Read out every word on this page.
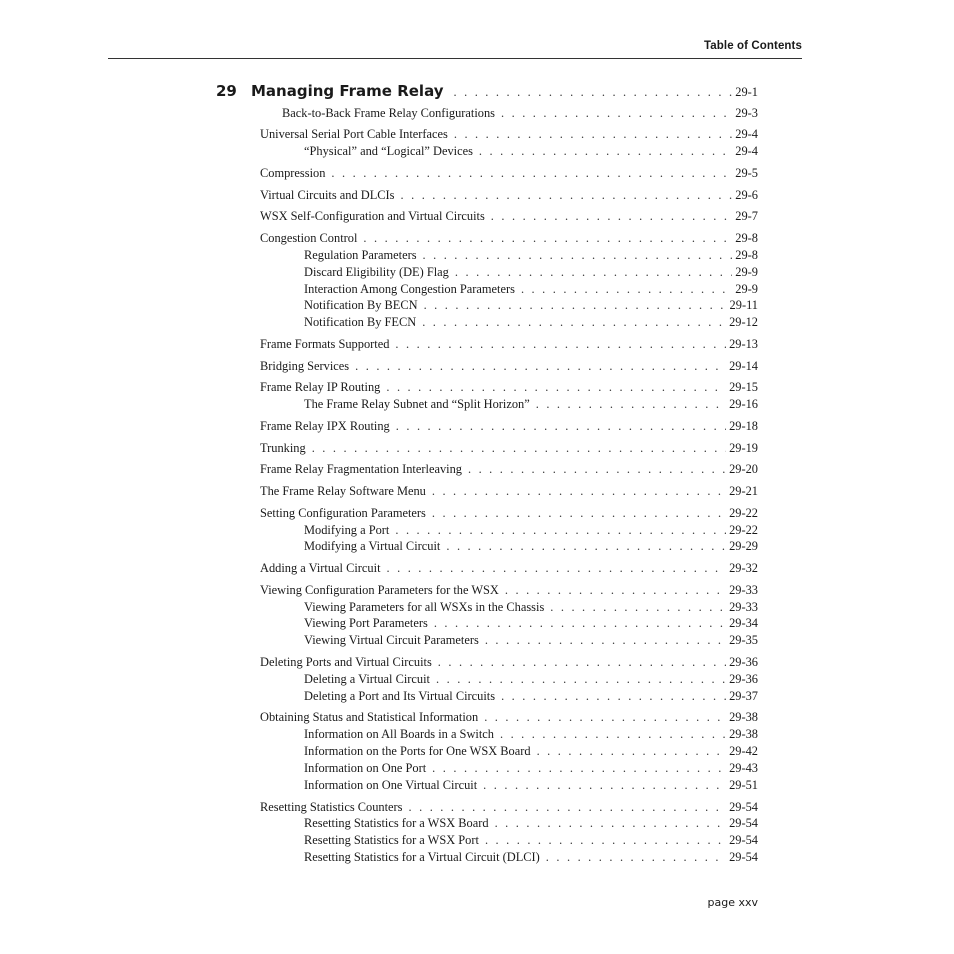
Table of Contents
29 Managing Frame Relay . . .	29-1
Back-to-Back Frame Relay Configurations . . .	29-3
Universal Serial Port Cable Interfaces . . .	29-4
“Physical” and “Logical” Devices . . .	29-4
Compression . . .	29-5
Virtual Circuits and DLCIs . . .	29-6
WSX Self-Configuration and Virtual Circuits . . .	29-7
Congestion Control . . .	29-8
Regulation Parameters . . .	29-8
Discard Eligibility (DE) Flag . . .	29-9
Interaction Among Congestion Parameters . . .	29-9
Notification By BECN . . .	29-11
Notification By FECN . . .	29-12
Frame Formats Supported . . .	29-13
Bridging Services . . .	29-14
Frame Relay IP Routing . . .	29-15
The Frame Relay Subnet and “Split Horizon” . . .	29-16
Frame Relay IPX Routing . . .	29-18
Trunking . . .	29-19
Frame Relay Fragmentation Interleaving . . .	29-20
The Frame Relay Software Menu . . .	29-21
Setting Configuration Parameters . . .	29-22
Modifying a Port . . .	29-22
Modifying a Virtual Circuit . . .	29-29
Adding a Virtual Circuit . . .	29-32
Viewing Configuration Parameters for the WSX . . .	29-33
Viewing Parameters for all WSXs in the Chassis . . .	29-33
Viewing Port Parameters . . .	29-34
Viewing Virtual Circuit Parameters . . .	29-35
Deleting Ports and Virtual Circuits . . .	29-36
Deleting a Virtual Circuit . . .	29-36
Deleting a Port and Its Virtual Circuits . . .	29-37
Obtaining Status and Statistical Information . . .	29-38
Information on All Boards in a Switch . . .	29-38
Information on the Ports for One WSX Board . . .	29-42
Information on One Port . . .	29-43
Information on One Virtual Circuit . . .	29-51
Resetting Statistics Counters . . .	29-54
Resetting Statistics for a WSX Board . . .	29-54
Resetting Statistics for a WSX Port . . .	29-54
Resetting Statistics for a Virtual Circuit (DLCI) . . .	29-54
page xxv
